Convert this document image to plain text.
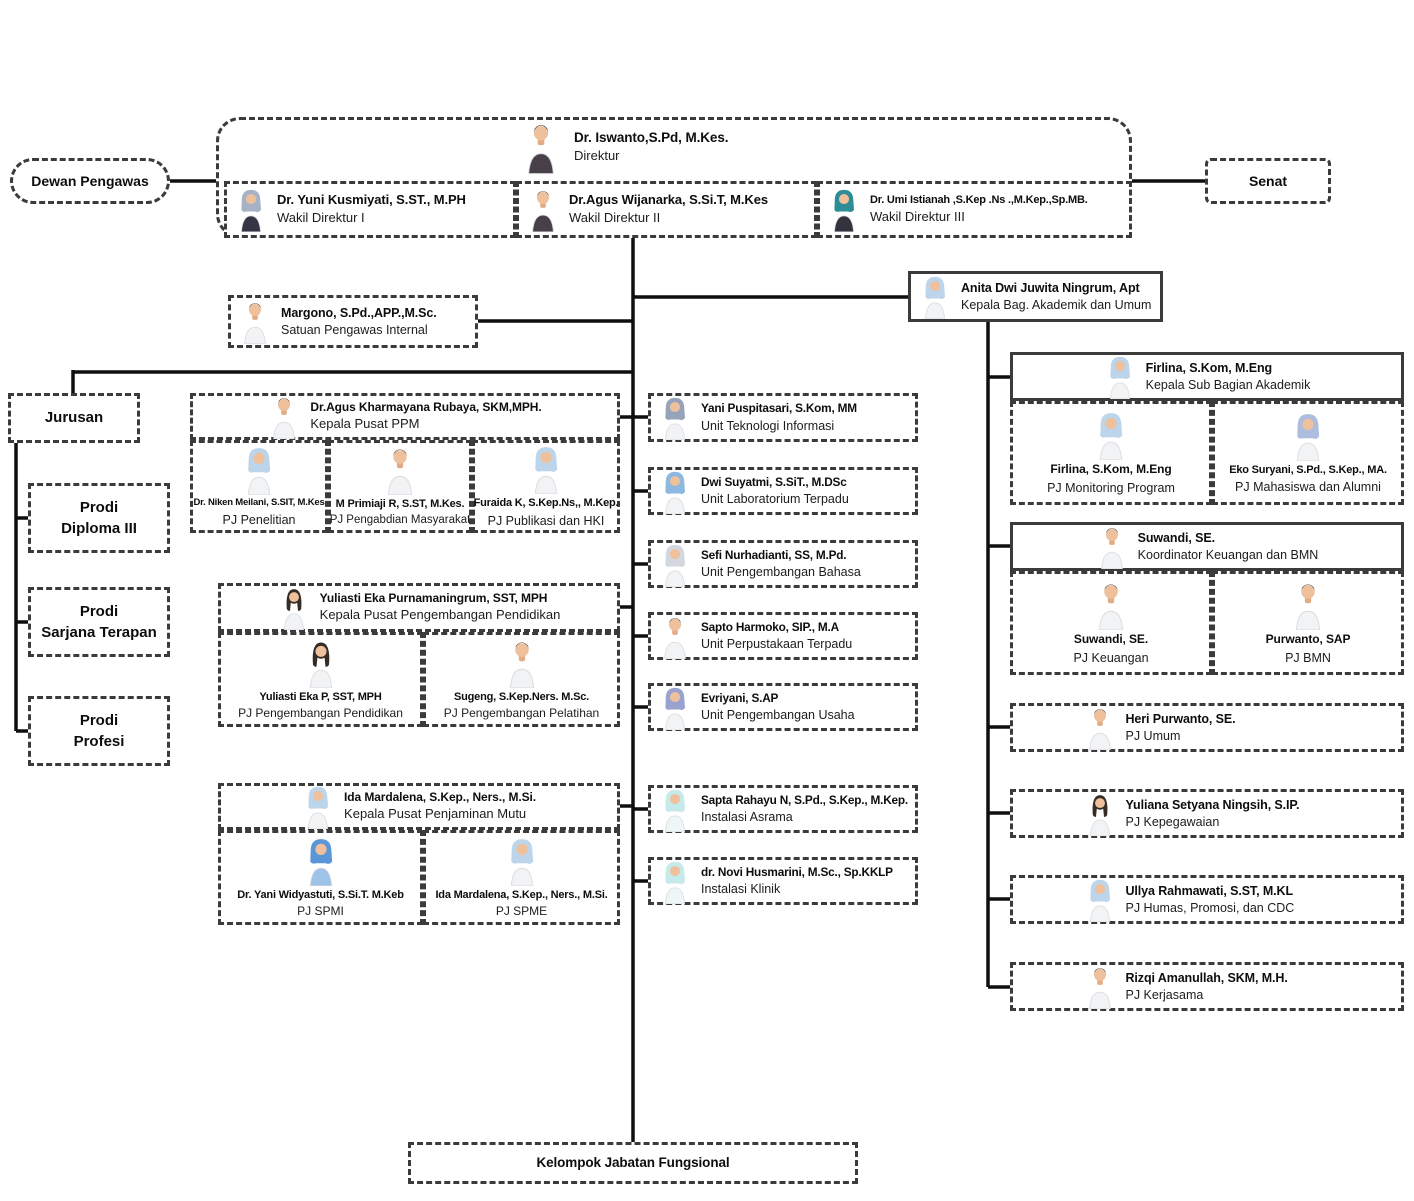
Dewan Pengawas	Senat
Dr. Iswanto,S.Pd, M.Kes.
Direktur
Dr. Yuni Kusmiyati, S.ST., M.PH
Wakil Direktur I
Dr.Agus Wijanarka, S.Si.T, M.Kes
Wakil Direktur II
Dr. Umi Istianah ,S.Kep .Ns .,M.Kep.,Sp.MB.
Wakil Direktur III
Margono, S.Pd.,APP.,M.Sc.
Satuan Pengawas Internal
Anita Dwi Juwita Ningrum, Apt
Kepala Bag. Akademik dan Umum
Jurusan
Prodi
Diploma III
Prodi
Sarjana Terapan
Prodi
Profesi
Dr.Agus Kharmayana Rubaya, SKM,MPH.
Kepala Pusat PPM
Dr. Niken Meilani, S.SIT, M.Kes
PJ Penelitian
M Primiaji R, S.ST, M.Kes.
PJ Pengabdian Masyarakat
Furaida K, S.Kep.Ns,, M.Kep.
PJ Publikasi dan HKI
Yuliasti Eka Purnamaningrum, SST, MPH
Kepala Pusat Pengembangan Pendidikan
Yuliasti Eka P, SST, MPH
PJ Pengembangan Pendidikan
Sugeng, S.Kep.Ners. M.Sc.
PJ Pengembangan Pelatihan
Ida Mardalena, S.Kep., Ners., M.Si.
Kepala Pusat Penjaminan Mutu
Dr. Yani Widyastuti, S.Si.T. M.Keb
PJ SPMI
Ida Mardalena, S.Kep., Ners., M.Si.
PJ SPME
Yani Puspitasari, S.Kom, MM
Unit Teknologi Informasi
Dwi Suyatmi, S.SiT., M.DSc
Unit Laboratorium Terpadu
Sefi Nurhadianti, SS, M.Pd.
Unit Pengembangan Bahasa
Sapto Harmoko, SIP., M.A
Unit Perpustakaan Terpadu
Evriyani, S.AP
Unit Pengembangan Usaha
Sapta Rahayu N, S.Pd., S.Kep., M.Kep.
Instalasi Asrama
dr. Novi Husmarini, M.Sc., Sp.KKLP
Instalasi Klinik
Firlina, S.Kom, M.Eng
Kepala Sub Bagian Akademik
Firlina, S.Kom, M.Eng
PJ Monitoring Program
Eko Suryani, S.Pd., S.Kep., MA.
PJ Mahasiswa dan Alumni
Suwandi, SE.
Koordinator Keuangan dan BMN
Suwandi, SE.
PJ Keuangan
Purwanto, SAP
PJ BMN
Heri Purwanto, SE.
PJ Umum
Yuliana Setyana Ningsih, S.IP.
PJ Kepegawaian
Ullya Rahmawati, S.ST, M.KL
PJ Humas, Promosi, dan CDC
Rizqi Amanullah, SKM, M.H.
PJ Kerjasama
Kelompok Jabatan Fungsional
